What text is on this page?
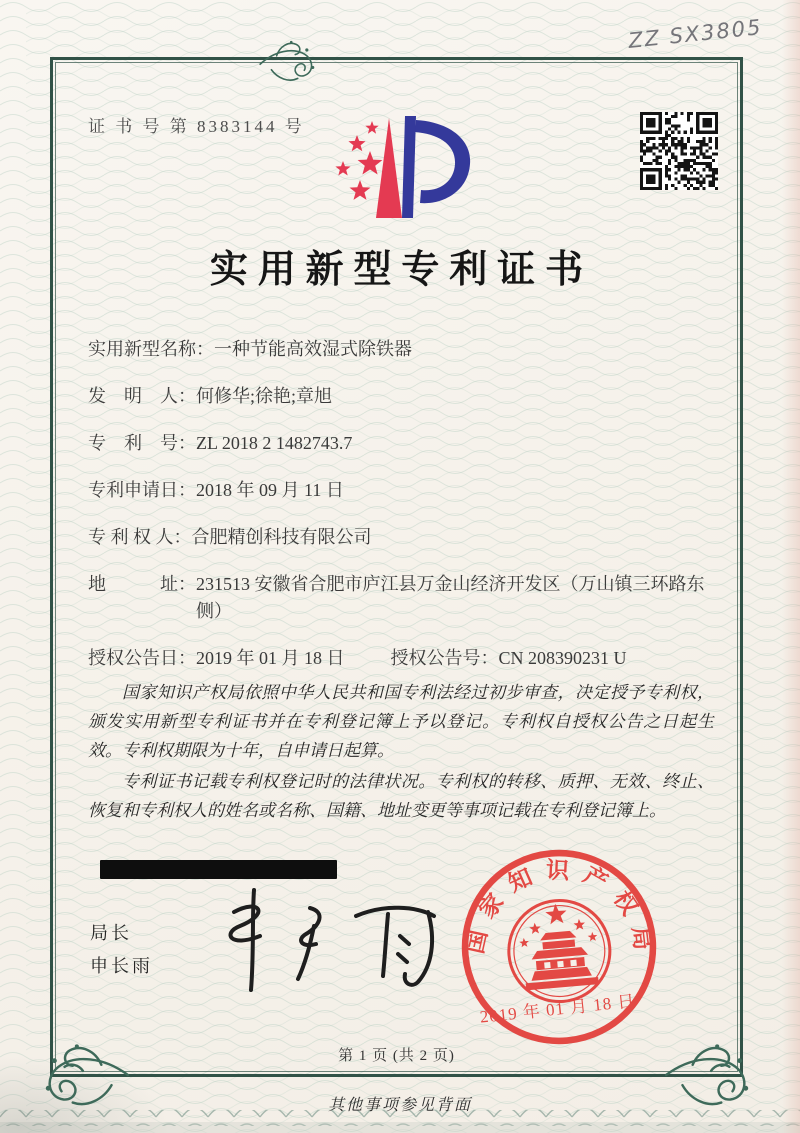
ZZ SX3805
证 书 号 第 8383144 号
实用新型专利证书
实用新型名称： 一种节能高效湿式除铁器
发　明　人： 何修华;徐艳;章旭
专　利　号： ZL 2018 2 1482743.7
专利申请日： 2018 年 09 月 11 日
专 利 权 人： 合肥精创科技有限公司
地　　　址： 231513 安徽省合肥市庐江县万金山经济开发区（万山镇三环路东侧）
授权公告日： 2019 年 01 月 18 日	授权公告号： CN 208390231 U

国家知识产权局依照中华人民共和国专利法经过初步审查，决定授予专利权，颁发实用新型专利证书并在专利登记簿上予以登记。专利权自授权公告之日起生效。专利权期限为十年，自申请日起算。

专利证书记载专利权登记时的法律状况。专利权的转移、质押、无效、终止、恢复和专利权人的姓名或名称、国籍、地址变更等事项记载在专利登记簿上。

局长
申长雨
国家知识产权局
2019 年 01 月 18 日
第 1 页 (共 2 页)
其他事项参见背面
